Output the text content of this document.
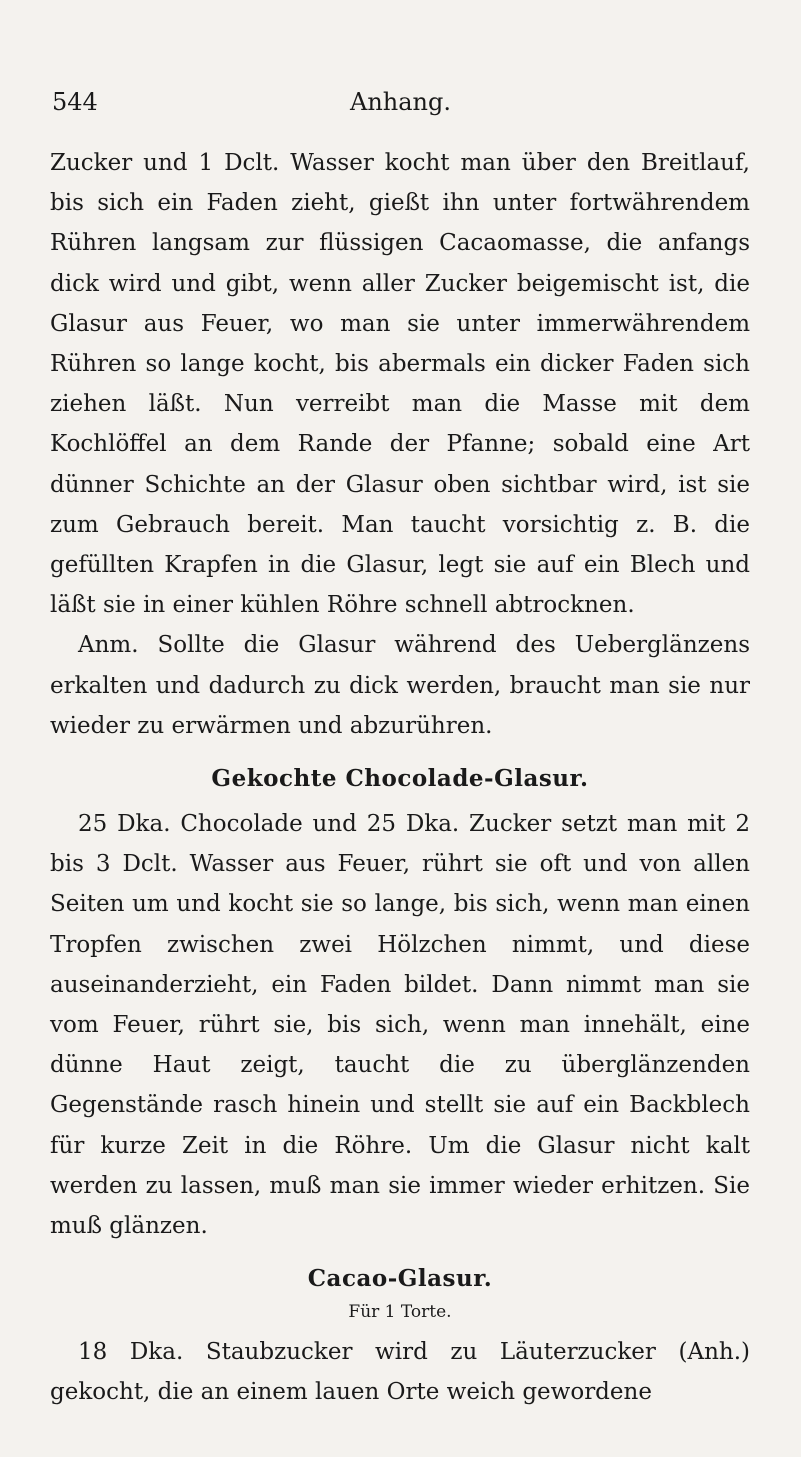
544	Anhang.

Zucker und 1 Dclt. Wasser kocht man über den Breitlauf, bis sich ein Faden zieht, gießt ihn unter fortwährendem Rühren langsam zur flüssigen Cacaomasse, die anfangs dick wird und gibt, wenn aller Zucker beigemischt ist, die Glasur aus Feuer, wo man sie unter immerwährendem Rühren so lange kocht, bis abermals ein dicker Faden sich ziehen läßt. Nun verreibt man die Masse mit dem Kochlöffel an dem Rande der Pfanne; sobald eine Art dünner Schichte an der Glasur oben sichtbar wird, ist sie zum Gebrauch bereit. Man taucht vorsichtig z. B. die gefüllten Krapfen in die Glasur, legt sie auf ein Blech und läßt sie in einer kühlen Röhre schnell abtrocknen.

Anm. Sollte die Glasur während des Ueberglänzens erkalten und dadurch zu dick werden, braucht man sie nur wieder zu erwärmen und abzurühren.

Gekochte Chocolade-Glasur.

25 Dka. Chocolade und 25 Dka. Zucker setzt man mit 2 bis 3 Dclt. Wasser aus Feuer, rührt sie oft und von allen Seiten um und kocht sie so lange, bis sich, wenn man einen Tropfen zwischen zwei Hölzchen nimmt, und diese auseinanderzieht, ein Faden bildet. Dann nimmt man sie vom Feuer, rührt sie, bis sich, wenn man innehält, eine dünne Haut zeigt, taucht die zu überglänzenden Gegenstände rasch hinein und stellt sie auf ein Backblech für kurze Zeit in die Röhre. Um die Glasur nicht kalt werden zu lassen, muß man sie immer wieder erhitzen. Sie muß glänzen.

Cacao-Glasur.
Für 1 Torte.

18 Dka. Staubzucker wird zu Läuterzucker (Anh.) gekocht, die an einem lauen Orte weich gewordene
